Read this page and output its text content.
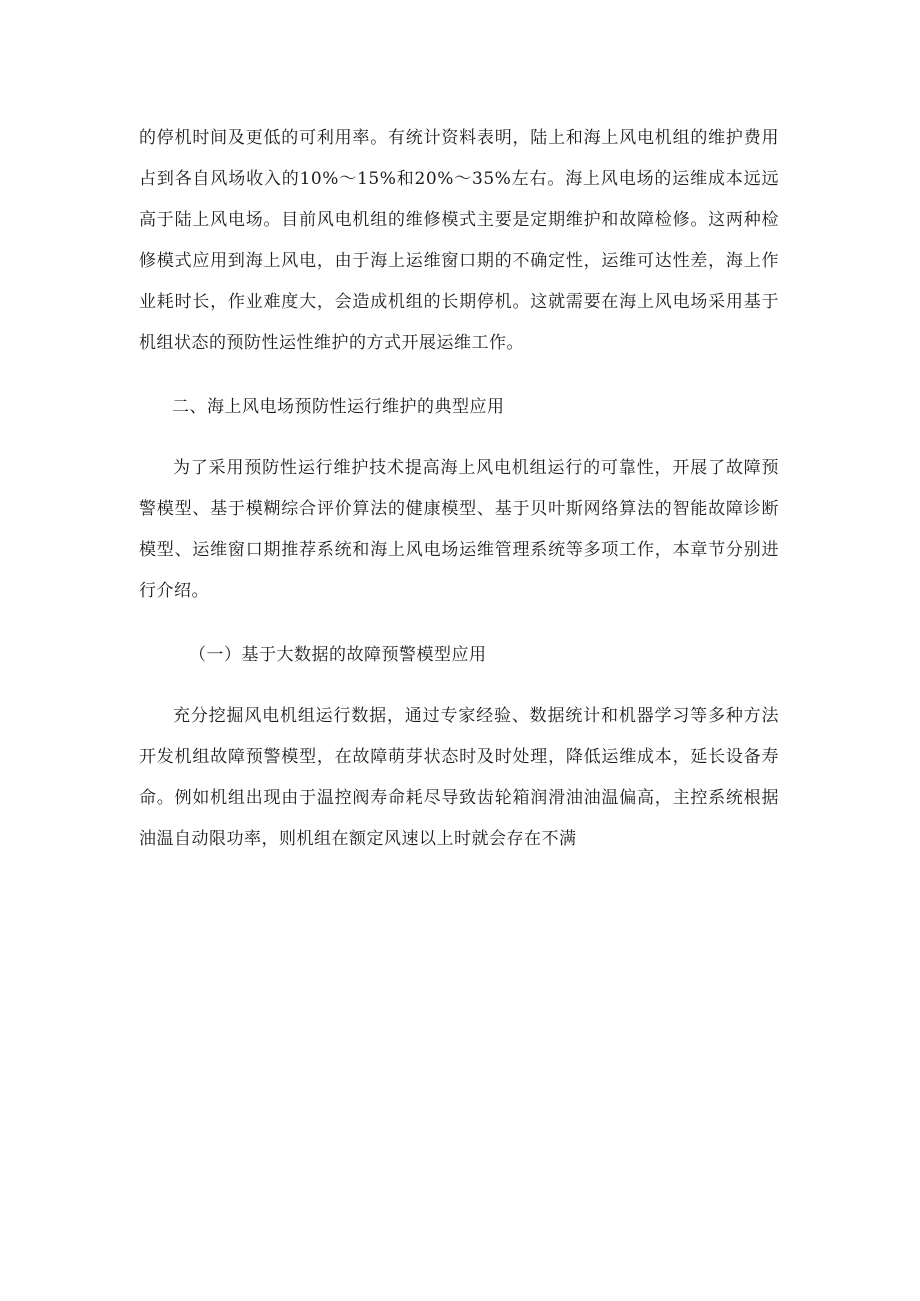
的停机时间及更低的可利用率。有统计资料表明，陆上和海上风电机组的维护费用占到各自风场收入的10%～15%和20%～35%左右。海上风电场的运维成本远远高于陆上风电场。目前风电机组的维修模式主要是定期维护和故障检修。这两种检修模式应用到海上风电，由于海上运维窗口期的不确定性，运维可达性差，海上作业耗时长，作业难度大，会造成机组的长期停机。这就需要在海上风电场采用基于机组状态的预防性运性维护的方式开展运维工作。

二、海上风电场预防性运行维护的典型应用

为了采用预防性运行维护技术提高海上风电机组运行的可靠性，开展了故障预警模型、基于模糊综合评价算法的健康模型、基于贝叶斯网络算法的智能故障诊断模型、运维窗口期推荐系统和海上风电场运维管理系统等多项工作，本章节分别进行介绍。

（一）基于大数据的故障预警模型应用

充分挖掘风电机组运行数据，通过专家经验、数据统计和机器学习等多种方法开发机组故障预警模型，在故障萌芽状态时及时处理，降低运维成本，延长设备寿命。例如机组出现由于温控阀寿命耗尽导致齿轮箱润滑油油温偏高，主控系统根据油温自动限功率，则机组在额定风速以上时就会存在不满
